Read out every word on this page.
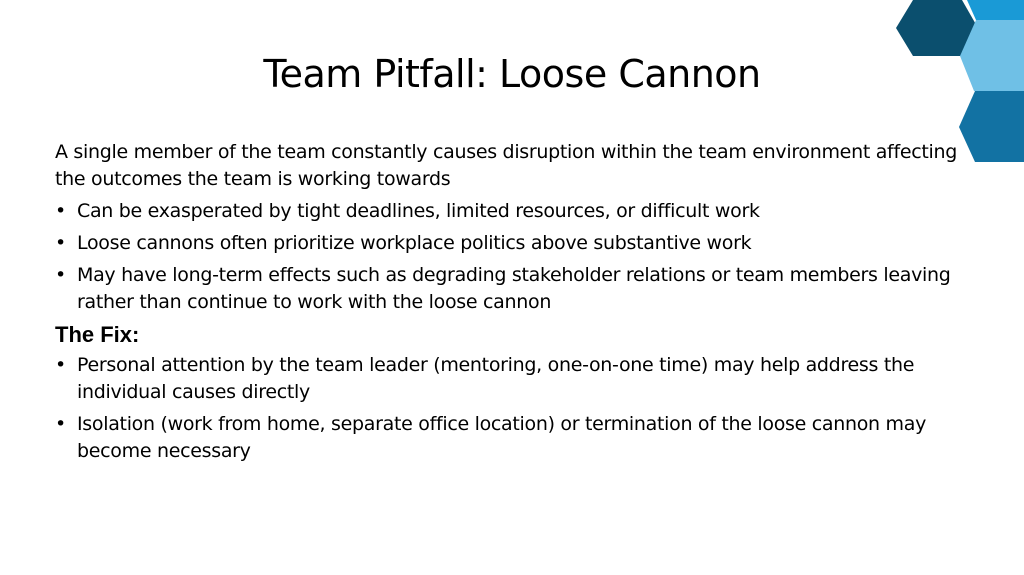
Team Pitfall: Loose Cannon

A single member of the team constantly causes disruption within the team environment affecting the outcomes the team is working towards

• Can be exasperated by tight deadlines, limited resources, or difficult work
• Loose cannons often prioritize workplace politics above substantive work
• May have long-term effects such as degrading stakeholder relations or team members leaving rather than continue to work with the loose cannon
The Fix:
• Personal attention by the team leader (mentoring, one-on-one time) may help address the individual causes directly
• Isolation (work from home, separate office location) or termination of the loose cannon may become necessary
